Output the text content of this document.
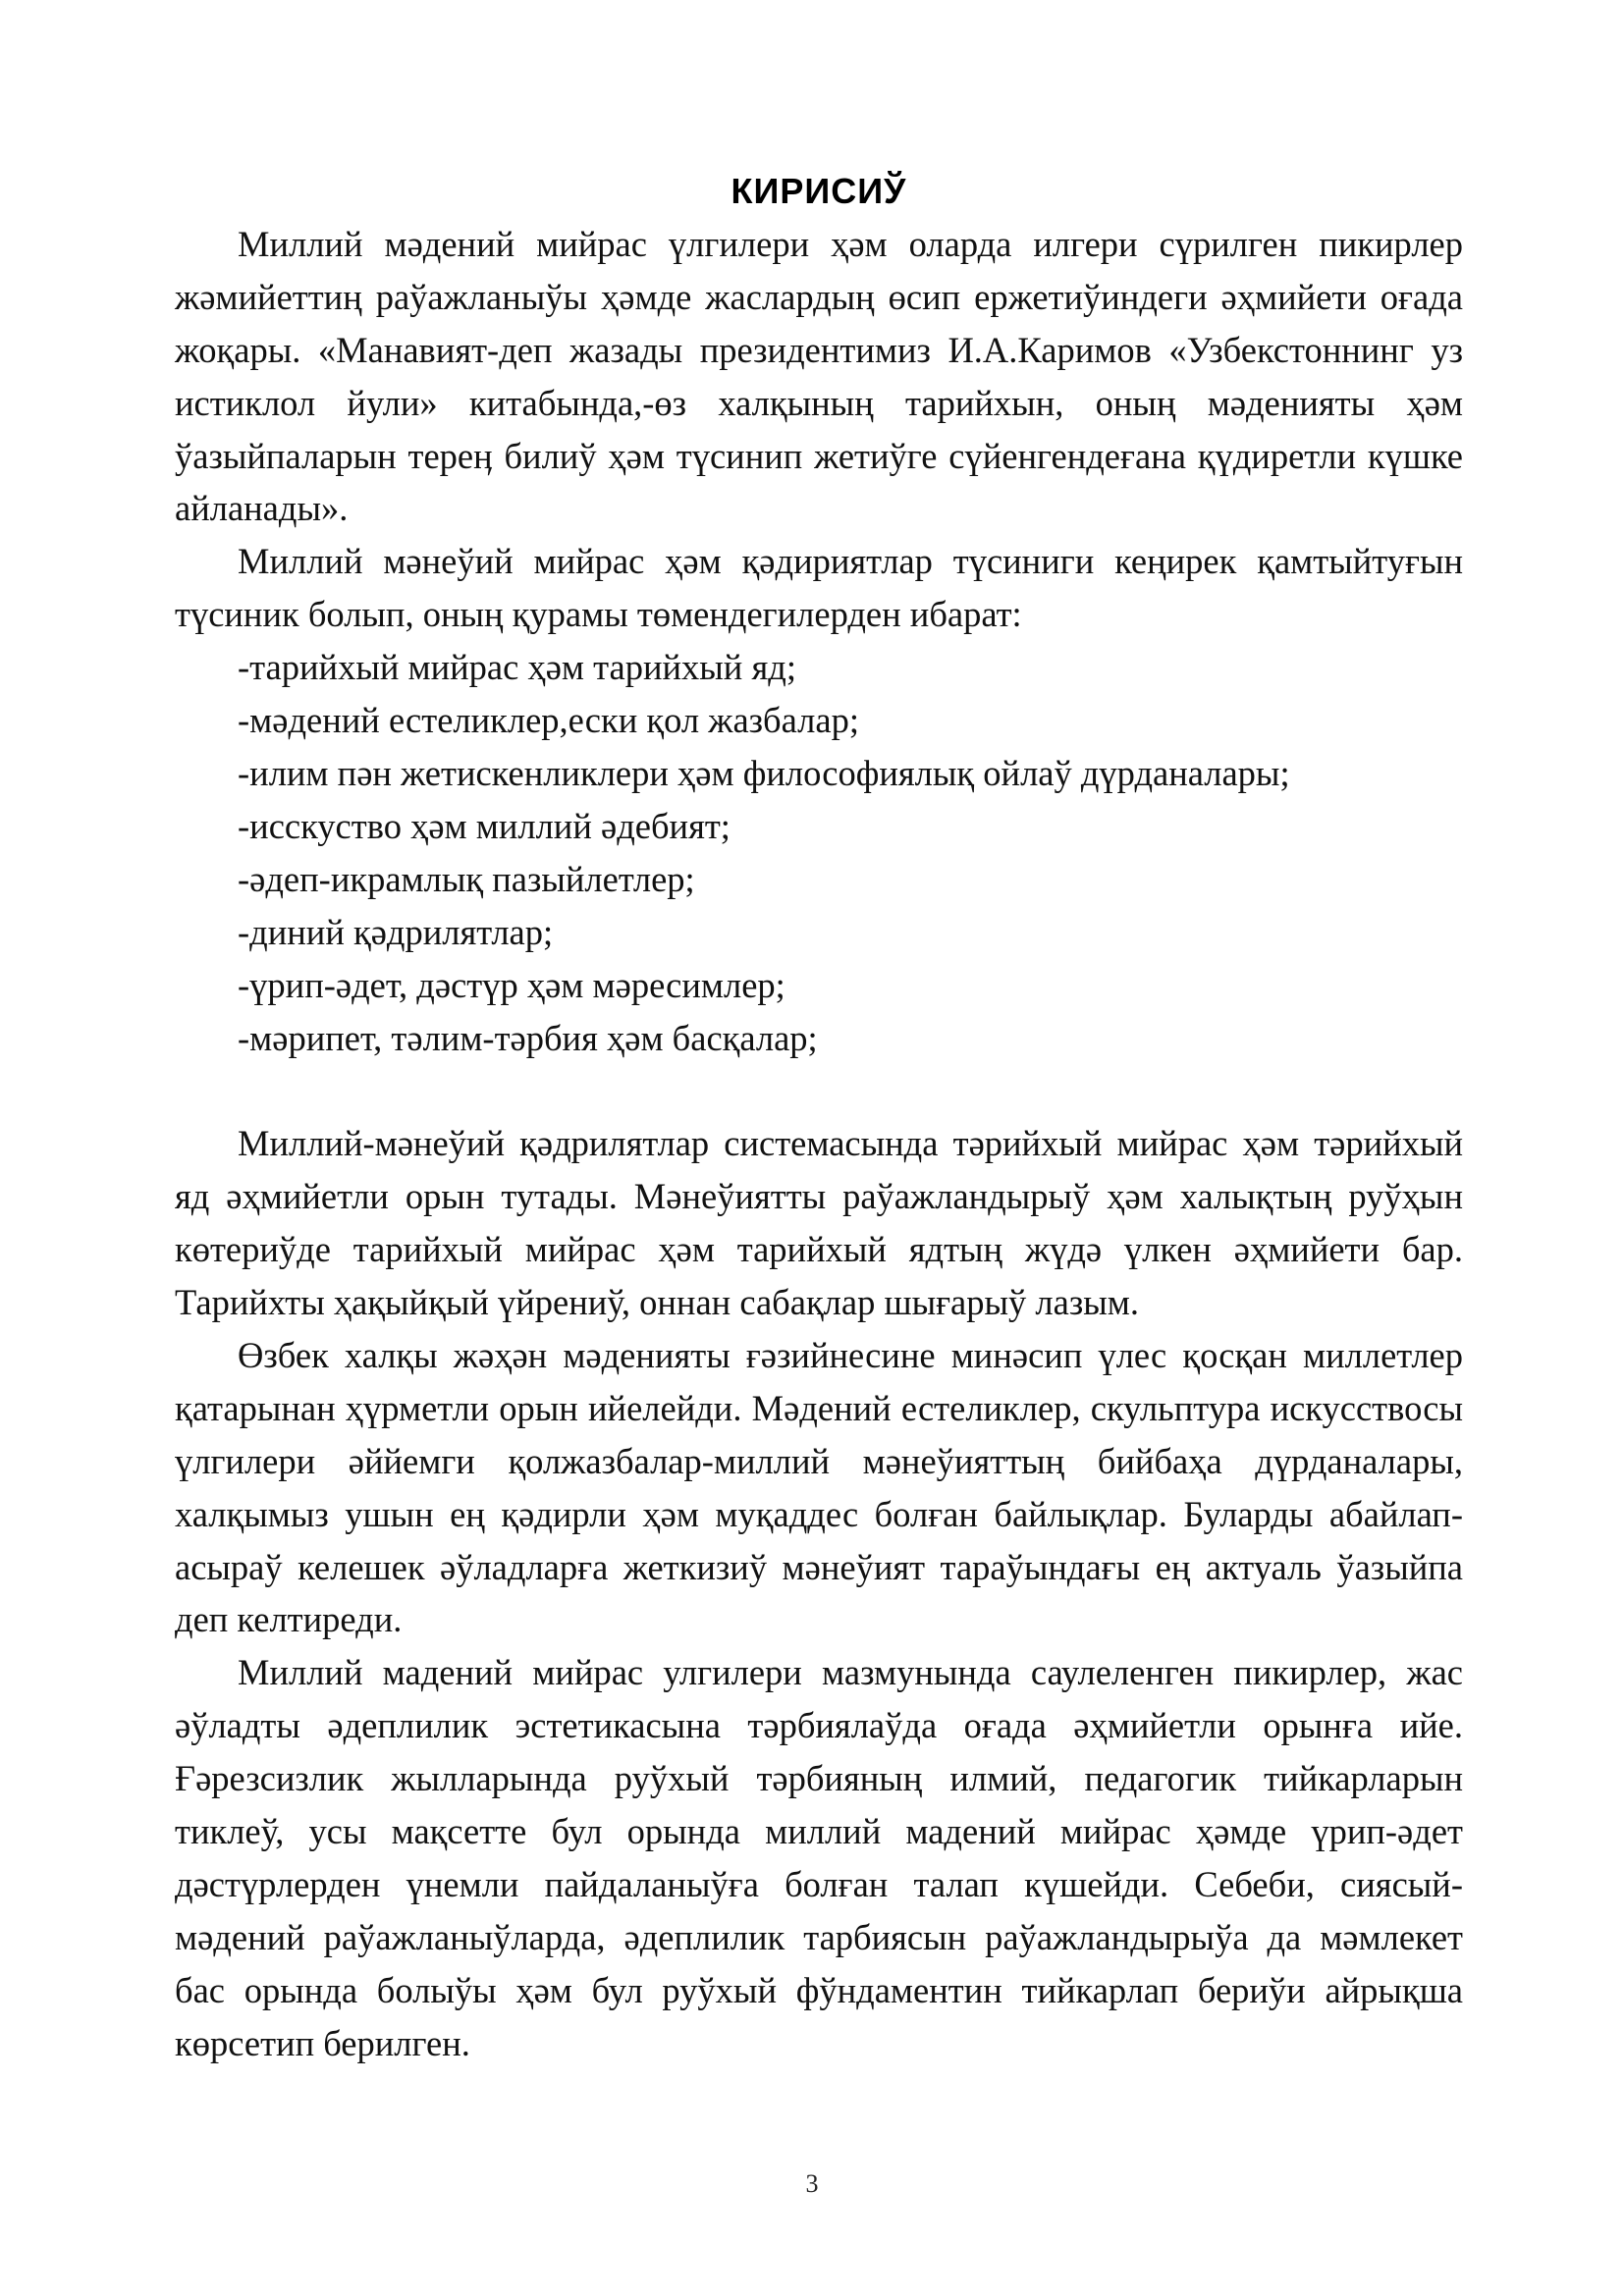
КИРИСИЎ

Миллий мәдений мийрас үлгилери ҳәм оларда илгери сүрилген пикирлер жәмийеттиң раўажланыўы ҳәмде жаслардың өсип ержетиўиндеги әҳмийети оғада жоқары. «Манавият-деп жазады президентимиз И.А.Каримов «Узбекстоннинг уз истиклол йули» китабында,-өз халқының тарийхын, оның мәденияты ҳәм ўазыйпаларын тереӊ билиў ҳәм түсинип жетиўге сүйенгендеғана қүдиретли күшке айланады».

Миллий мәнеўий мийрас ҳәм қәдириятлар түсиниги кеңирек қамтыйтуғын түсиник болып, оның қурамы төмендегилерден ибарат:

-тарийхый мийрас ҳәм тарийхый яд;
-мәдений естеликлер,ески қол жазбалар;
-илим пән жетискенликлери ҳәм философиялық ойлаў дүрданалары;
-исскуство ҳәм миллий әдебият;
-әдеп-икрамлық пазыйлетлер;
-диний қәдрилятлар;
-үрип-әдет, дәстүр ҳәм мәресимлер;
-мәрипет, тәлим-тәрбия ҳәм басқалар;

Миллий-мәнеўий қәдрилятлар системасында тәрийхый мийрас ҳәм тәрийхый яд әҳмийетли орын тутады. Мәнеўиятты раўажландырыў ҳәм халықтың руўҳын көтериўде тарийхый мийрас ҳәм тарийхый ядтың жүдә үлкен әҳмийети бар. Тарийхты ҳақыйқый үйрениў, оннан сабақлар шығарыў лазым.

Өзбек халқы жәҳән мәденияты ғәзийнесине минәсип үлес қосқан миллетлер қатарынан ҳүрметли орын ийелейди. Мәдений естеликлер, скульптура искусствосы үлгилери әййемги қолжазбалар-миллий мәнеўияттың бийбаҳа дүрданалары, халқымыз ушын ең қәдирли ҳәм муқаддес болған байлықлар. Буларды абайлап-асыраў келешек әўладларға жеткизиў мәнеўият тараўындағы ең актуаль ўазыйпа деп келтиреди.

Миллий мадений мийрас улгилери мазмунында саулеленген пикирлер, жас әўладты әдеплилик эстетикасына тәрбиялаўда оғада әҳмийетли орынға ийе. Ғәрезсизлик жылларында руўхый тәрбияның илмий, педагогик тийкарларын тиклеў, усы мақсетте бул орында миллий мадений мийрас ҳәмде үрип-әдет дәстүрлерден үнемли пайдаланыўға болған талап күшейди. Себеби, сиясый-мәдений раўажланыўларда, әдеплилик тарбиясын раўажландырыўа да мәмлекет бас орында болыўы ҳәм бул руўхый фўндаментин тийкарлап бериўи айрықша көрсетип берилген.

3
